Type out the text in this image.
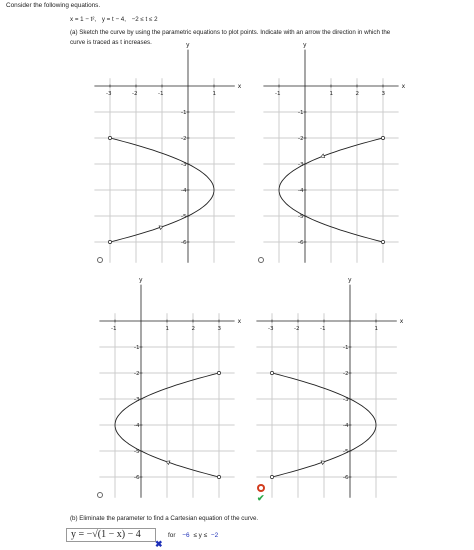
Consider the following equations.
x = 1 − t², y = t − 4, −2 ≤ t ≤ 2
(a) Sketch the curve by using the parametric equations to plot points. Indicate with an arrow the direction in which the
curve is traced as t increases.
x
y
-3	-2	-1	1
-1
-2
-3
-4
-5
-6
x
y
-1	1	2	3
-1
-2
-3
-4
-5
-6
x
y
-1	1	2	3
-1
-2
-3
-4
-5
-6
x
y
-3	-2	-1	1
-1
-2
-3
-4
-5
-6
✔
(b) Eliminate the parameter to find a Cartesian equation of the curve.
y = −√(1 − x) − 4
✖
for −6 ≤ y ≤ −2
